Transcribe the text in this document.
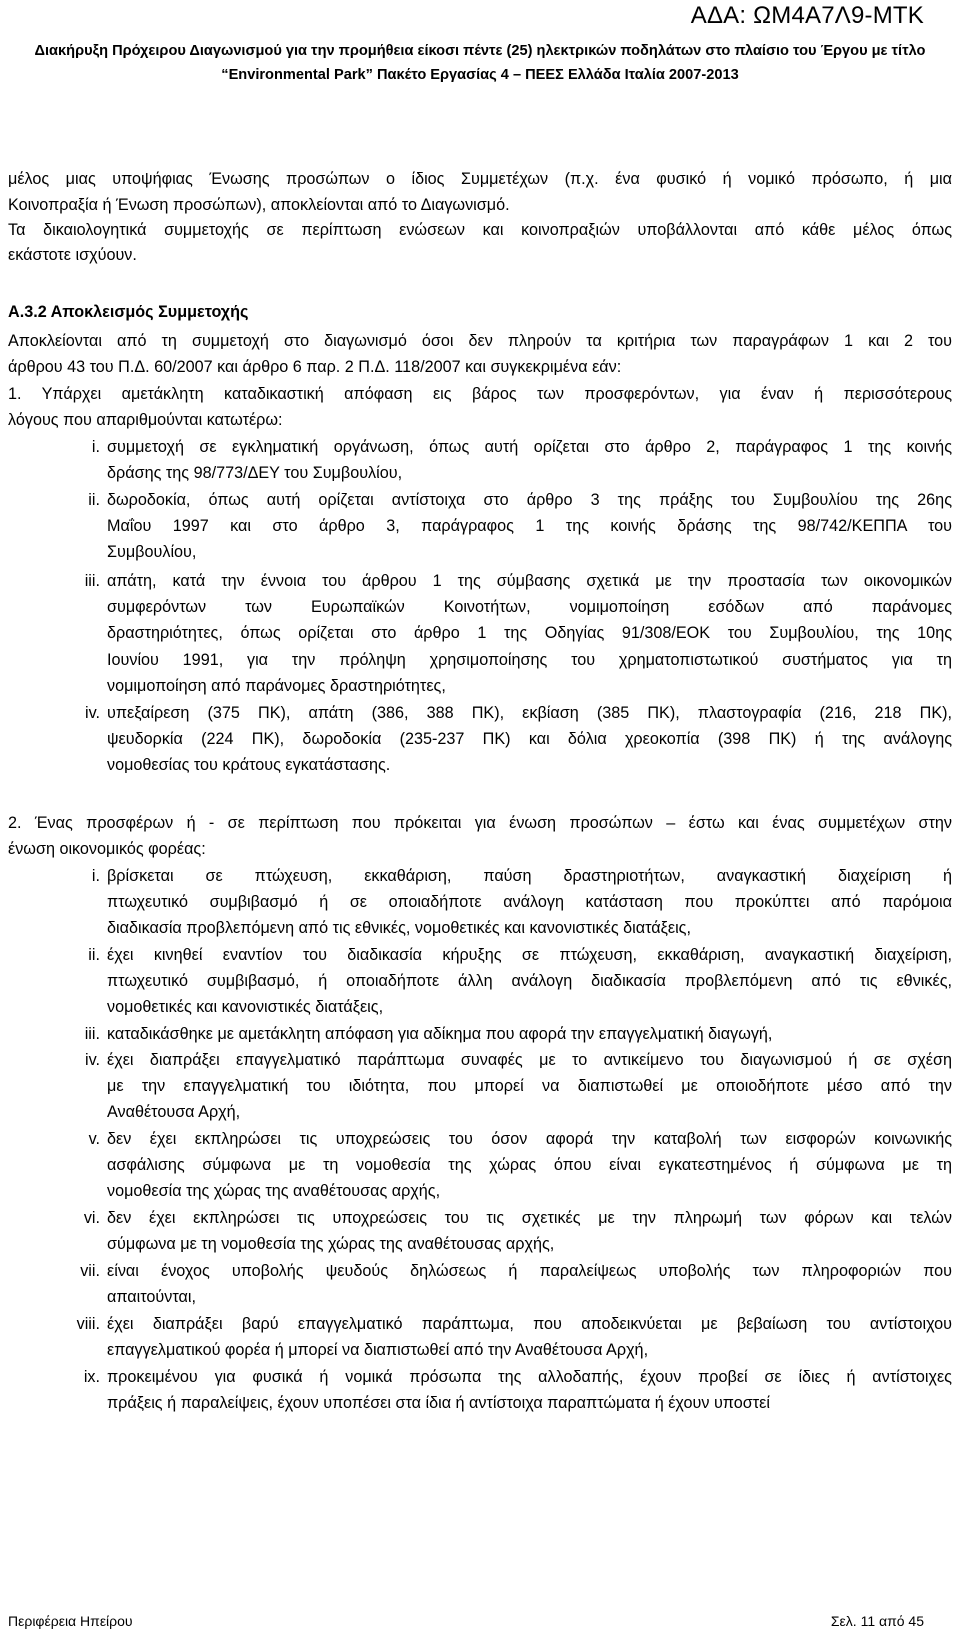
ΑΔΑ: ΩΜ4Α7Λ9-ΜΤΚ
Διακήρυξη Πρόχειρου Διαγωνισμού για την προμήθεια είκοσι πέντε (25) ηλεκτρικών ποδηλάτων στο πλαίσιο του Έργου με τίτλο
“Environmental Park” Πακέτο Εργασίας 4 – ΠΕΕΣ Ελλάδα Ιταλία 2007-2013
μέλος μιας υποψήφιας Ένωσης προσώπων ο ίδιος Συμμετέχων (π.χ. ένα φυσικό ή νομικό πρόσωπο, ή μια
Κοινοπραξία ή Ένωση προσώπων), αποκλείονται από το Διαγωνισμό.
Τα δικαιολογητικά συμμετοχής σε περίπτωση ενώσεων και κοινοπραξιών υποβάλλονται από κάθε μέλος όπως
εκάστοτε ισχύουν.
Α.3.2 Αποκλεισμός Συμμετοχής
Αποκλείονται από τη συμμετοχή στο διαγωνισμό όσοι δεν πληρούν τα κριτήρια των παραγράφων 1 και 2 του
άρθρου 43 του Π.Δ. 60/2007 και άρθρο 6 παρ. 2 Π.Δ. 118/2007 και συγκεκριμένα εάν:
1. Υπάρχει αμετάκλητη καταδικαστική απόφαση εις βάρος των προσφερόντων, για έναν ή περισσότερους
λόγους που απαριθμούνται κατωτέρω:
i. συμμετοχή σε εγκληματική οργάνωση, όπως αυτή ορίζεται στο άρθρο 2, παράγραφος 1 της κοινής
δράσης της 98/773/ΔΕΥ του Συμβουλίου,
ii. δωροδοκία, όπως αυτή ορίζεται αντίστοιχα στο άρθρο 3 της πράξης του Συμβουλίου της 26ης
Μαΐου 1997 και στο άρθρο 3, παράγραφος 1 της κοινής δράσης της 98/742/ΚΕΠΠΑ του
Συμβουλίου,
iii. απάτη, κατά την έννοια του άρθρου 1 της σύμβασης σχετικά με την προστασία των οικονομικών
συμφερόντων των Ευρωπαϊκών Κοινοτήτων, νομιμοποίηση εσόδων από παράνομες
δραστηριότητες, όπως ορίζεται στο άρθρο 1 της Οδηγίας 91/308/ΕΟΚ του Συμβουλίου, της 10ης
Ιουνίου 1991, για την πρόληψη χρησιμοποίησης του χρηματοπιστωτικού συστήματος για τη
νομιμοποίηση από παράνομες δραστηριότητες,
iv. υπεξαίρεση (375 ΠΚ), απάτη (386, 388 ΠΚ), εκβίαση (385 ΠΚ), πλαστογραφία (216, 218 ΠΚ),
ψευδορκία (224 ΠΚ), δωροδοκία (235-237 ΠΚ) και δόλια χρεοκοπία (398 ΠΚ) ή της ανάλογης
νομοθεσίας του κράτους εγκατάστασης.
2. Ένας προσφέρων ή - σε περίπτωση που πρόκειται για ένωση προσώπων – έστω και ένας συμμετέχων στην
ένωση οικονομικός φορέας:
i. βρίσκεται σε πτώχευση, εκκαθάριση, παύση δραστηριοτήτων, αναγκαστική διαχείριση ή
πτωχευτικό συμβιβασμό ή σε οποιαδήποτε ανάλογη κατάσταση που προκύπτει από παρόμοια
διαδικασία προβλεπόμενη από τις εθνικές, νομοθετικές και κανονιστικές διατάξεις,
ii. έχει κινηθεί εναντίον του διαδικασία κήρυξης σε πτώχευση, εκκαθάριση, αναγκαστική διαχείριση,
πτωχευτικό συμβιβασμό, ή οποιαδήποτε άλλη ανάλογη διαδικασία προβλεπόμενη από τις εθνικές,
νομοθετικές και κανονιστικές διατάξεις,
iii. καταδικάσθηκε με αμετάκλητη απόφαση για αδίκημα που αφορά την επαγγελματική διαγωγή,
iv. έχει διαπράξει επαγγελματικό παράπτωμα συναφές με το αντικείμενο του διαγωνισμού ή σε σχέση
με την επαγγελματική του ιδιότητα, που μπορεί να διαπιστωθεί με οποιοδήποτε μέσο από την
Αναθέτουσα Αρχή,
v. δεν έχει εκπληρώσει τις υποχρεώσεις του όσον αφορά την καταβολή των εισφορών κοινωνικής
ασφάλισης σύμφωνα με τη νομοθεσία της χώρας όπου είναι εγκατεστημένος ή σύμφωνα με τη
νομοθεσία της χώρας της αναθέτουσας αρχής,
vi. δεν έχει εκπληρώσει τις υποχρεώσεις του τις σχετικές με την πληρωμή των φόρων και τελών
σύμφωνα με τη νομοθεσία της χώρας της αναθέτουσας αρχής,
vii. είναι ένοχος υποβολής ψευδούς δηλώσεως ή παραλείψεως υποβολής των πληροφοριών που
απαιτούνται,
viii. έχει διαπράξει βαρύ επαγγελματικό παράπτωμα, που αποδεικνύεται με βεβαίωση του αντίστοιχου
επαγγελματικού φορέα ή μπορεί να διαπιστωθεί από την Αναθέτουσα Αρχή,
ix. προκειμένου για φυσικά ή νομικά πρόσωπα της αλλοδαπής, έχουν προβεί σε ίδιες ή αντίστοιχες
πράξεις ή παραλείψεις, έχουν υποπέσει στα ίδια ή αντίστοιχα παραπτώματα ή έχουν υποστεί
Περιφέρεια Ηπείρου	Σελ. 11 από 45
